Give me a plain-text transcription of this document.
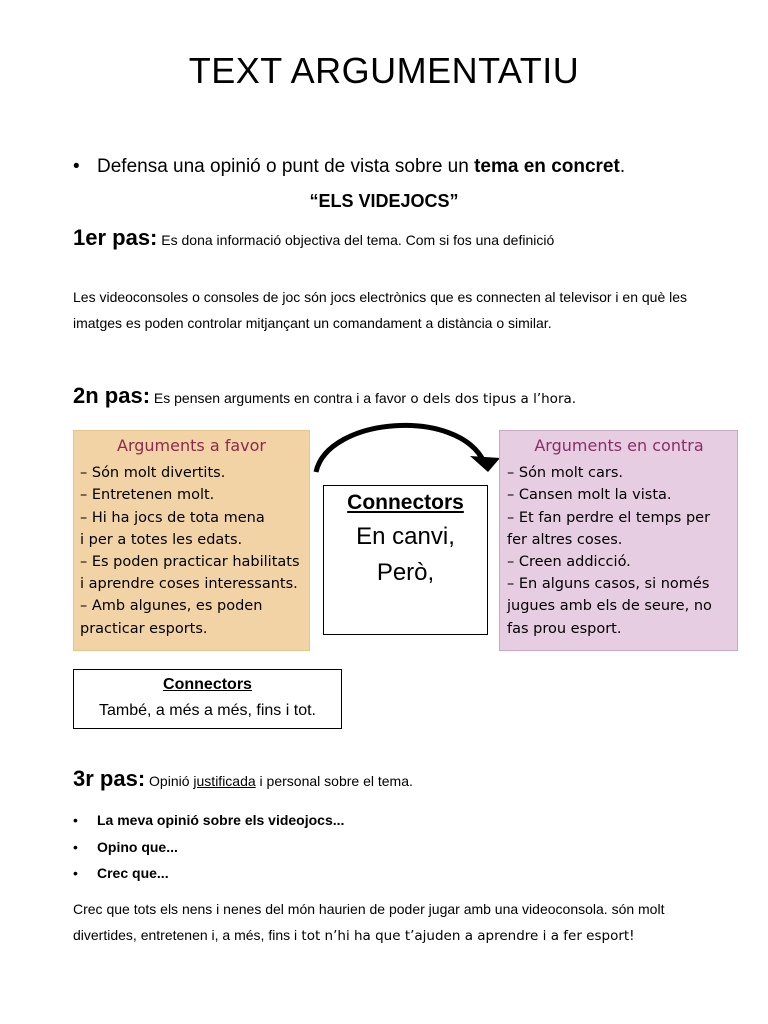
TEXT ARGUMENTATIU
• Defensa una opinió o punt de vista sobre un tema en concret.
“ELS VIDEJOCS”
1er pas: Es dona informació objectiva del tema. Com si fos una definició
Les videoconsoles o consoles de joc són jocs electrònics que es connecten al televisor i en què les imatges es poden controlar mitjançant un comandament a distància o similar.
2n pas: Es pensen arguments en contra i a favor o dels dos tipus a l’hora.
Arguments a favor
– Són molt divertits.
– Entretenen molt.
– Hi ha jocs de tota mena
i per a totes les edats.
– Es poden practicar habilitats
i aprendre coses interessants.
– Amb algunes, es poden
practicar esports.
Connectors
En canvi,
Però,
Arguments en contra
– Són molt cars.
– Cansen molt la vista.
– Et fan perdre el temps per
fer altres coses.
– Creen addicció.
– En alguns casos, si només
jugues amb els de seure, no
fas prou esport.
Connectors
També, a més a més, fins i tot.
3r pas: Opinió justificada i personal sobre el tema.
• La meva opinió sobre els videojocs...
• Opino que...
• Crec que...
Crec que tots els nens i nenes del món haurien de poder jugar amb una videoconsola. són molt divertides, entretenen i, a més, fins i tot n’hi ha que t’ajuden a aprendre i a fer esport!
